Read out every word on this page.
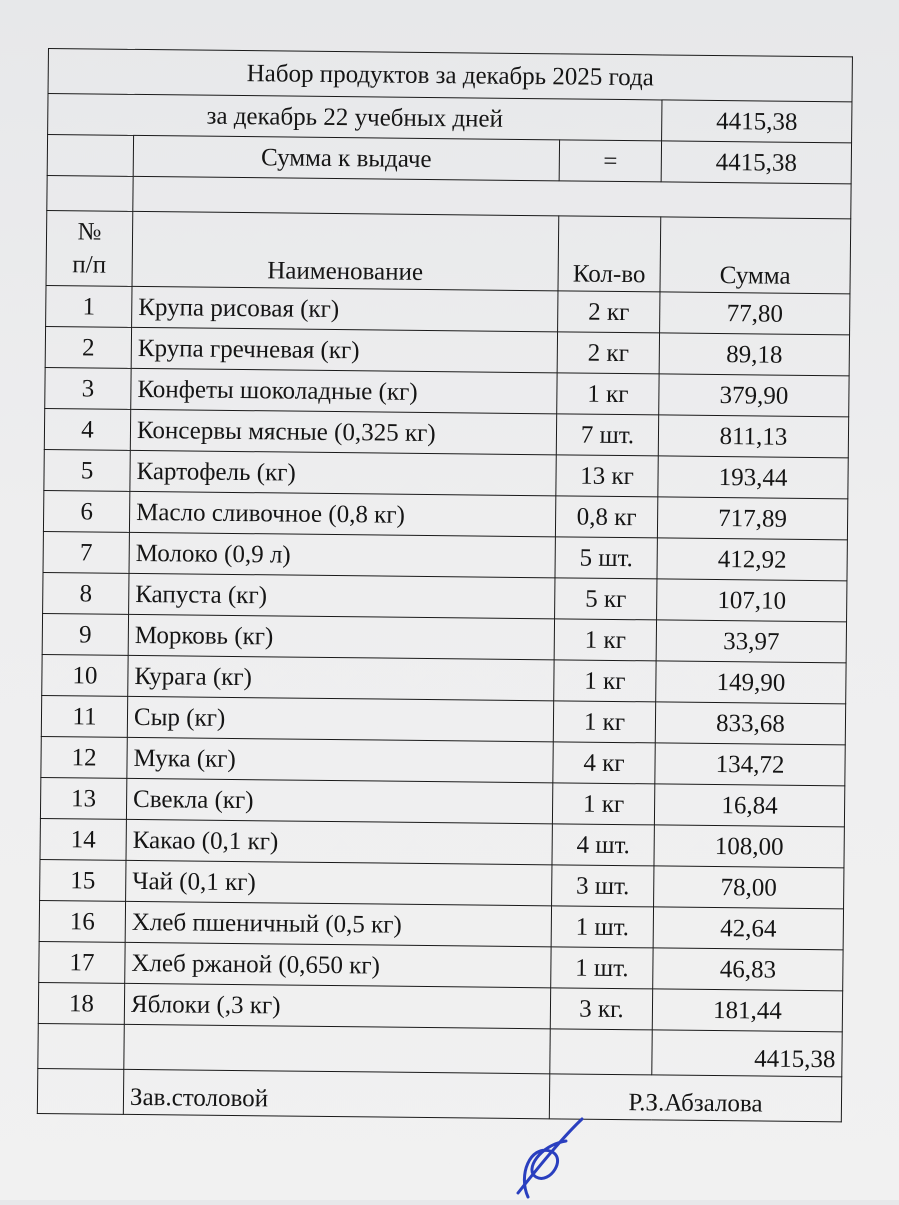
Набор продуктов за декабрь 2025 года			
за декабрь 22 учебных дней			4415,38
	Сумма к выдаче	=	4415,38

№
п/п	Наименование	Кол-во	Сумма
1	Крупа рисовая (кг)	2 кг	77,80
2	Крупа гречневая (кг)	2 кг	89,18
3	Конфеты шоколадные (кг)	1 кг	379,90
4	Консервы мясные (0,325 кг)	7 шт.	811,13
5	Картофель (кг)	13 кг	193,44
6	Масло сливочное (0,8 кг)	0,8 кг	717,89
7	Молоко (0,9 л)	5 шт.	412,92
8	Капуста (кг)	5 кг	107,10
9	Морковь (кг)	1 кг	33,97
10	Курага (кг)	1 кг	149,90
11	Сыр (кг)	1 кг	833,68
12	Мука (кг)	4 кг	134,72
13	Свекла (кг)	1 кг	16,84
14	Какао (0,1 кг)	4 шт.	108,00
15	Чай (0,1 кг)	3 шт.	78,00
16	Хлеб пшеничный (0,5 кг)	1 шт.	42,64
17	Хлеб ржаной (0,650 кг)	1 шт.	46,83
18	Яблоки (,3 кг)	3 кг.	181,44
			4415,38
	Зав.столовой	Р.З.Абзалова	
